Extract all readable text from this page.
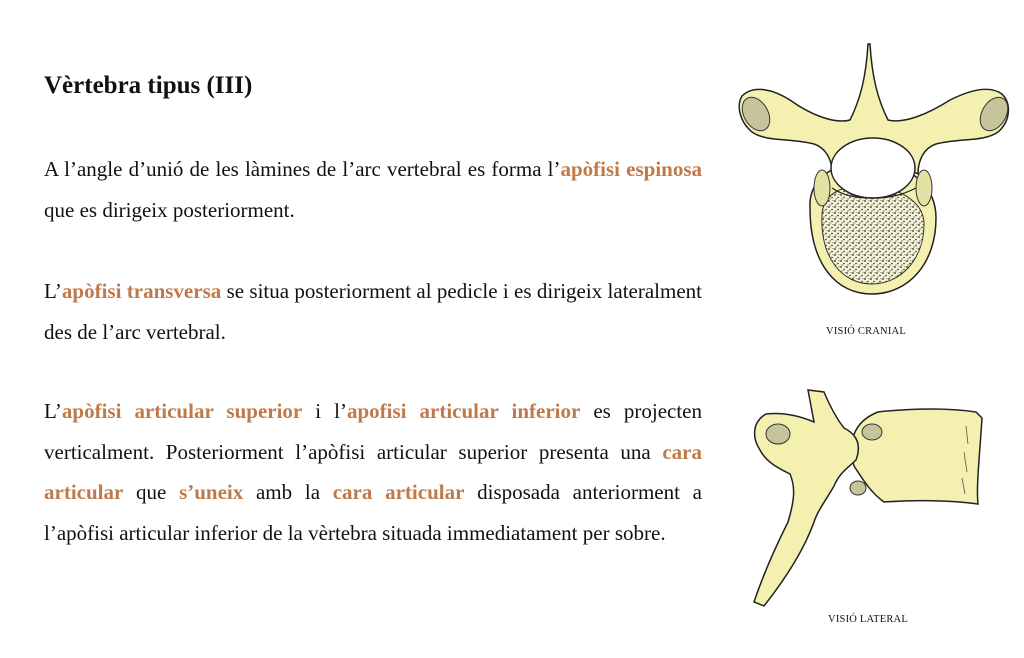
Vèrtebra tipus (III)

A l’angle d’unió de les làmines de l’arc vertebral es forma l’apòfisi espinosa que es dirigeix posteriorment.

L’apòfisi transversa se situa posteriorment al pedicle i es dirigeix lateralment des de l’arc vertebral.

L’apòfisi articular superior i l’apofisi articular inferior es projecten verticalment. Posteriorment l’apòfisi articular superior presenta una cara articular que s’uneix amb la cara articular disposada anteriorment a l’apòfisi articular inferior de la vèrtebra situada immediatament per sobre.

VISIÓ CRANIAL
VISIÓ LATERAL
